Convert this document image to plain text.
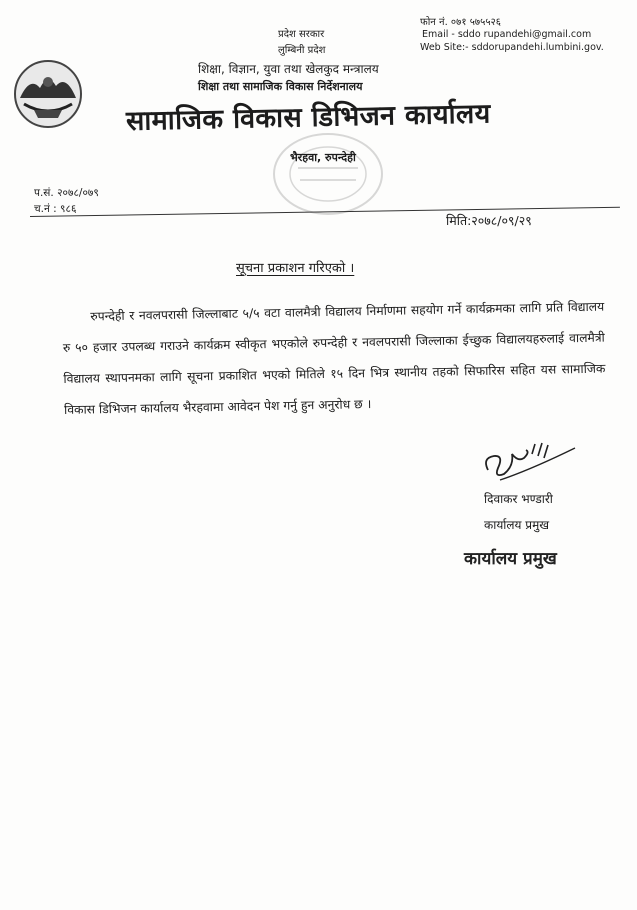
प्रदेश सरकार
लुम्बिनी प्रदेश
फोन नं. ०७१ ५७५५२६
Email - sddo rupandehi@gmail.com
Web Site:- sddorupandehi.lumbini.gov.
शिक्षा, विज्ञान, युवा तथा खेलकुद मन्त्रालय
शिक्षा तथा सामाजिक विकास निर्देशनालय
सामाजिक विकास डिभिजन कार्यालय
भैरहवा, रुपन्देही
प.सं. २०७८/०७९
च.नं : ९८६
मिति:२०७८/०९/२९
सूचना प्रकाशन गरिएको ।
रुपन्देही र नवलपरासी जिल्लाबाट ५/५ वटा वालमैत्री विद्यालय निर्माणमा सहयोग गर्ने कार्यक्रमका लागि प्रति विद्यालय रु ५० हजार उपलब्ध गराउने कार्यक्रम स्वीकृत भएकोले रुपन्देही र नवलपरासी जिल्लाका ईच्छुक विद्यालयहरुलाई वालमैत्री विद्यालय स्थापनमका लागि सूचना प्रकाशित भएको मितिले १५ दिन भित्र स्थानीय तहको सिफारिस सहित यस सामाजिक विकास डिभिजन कार्यालय भैरहवामा आवेदन पेश गर्नु हुन अनुरोध छ ।
दिवाकर भण्डारी
कार्यालय प्रमुख
कार्यालय प्रमुख
